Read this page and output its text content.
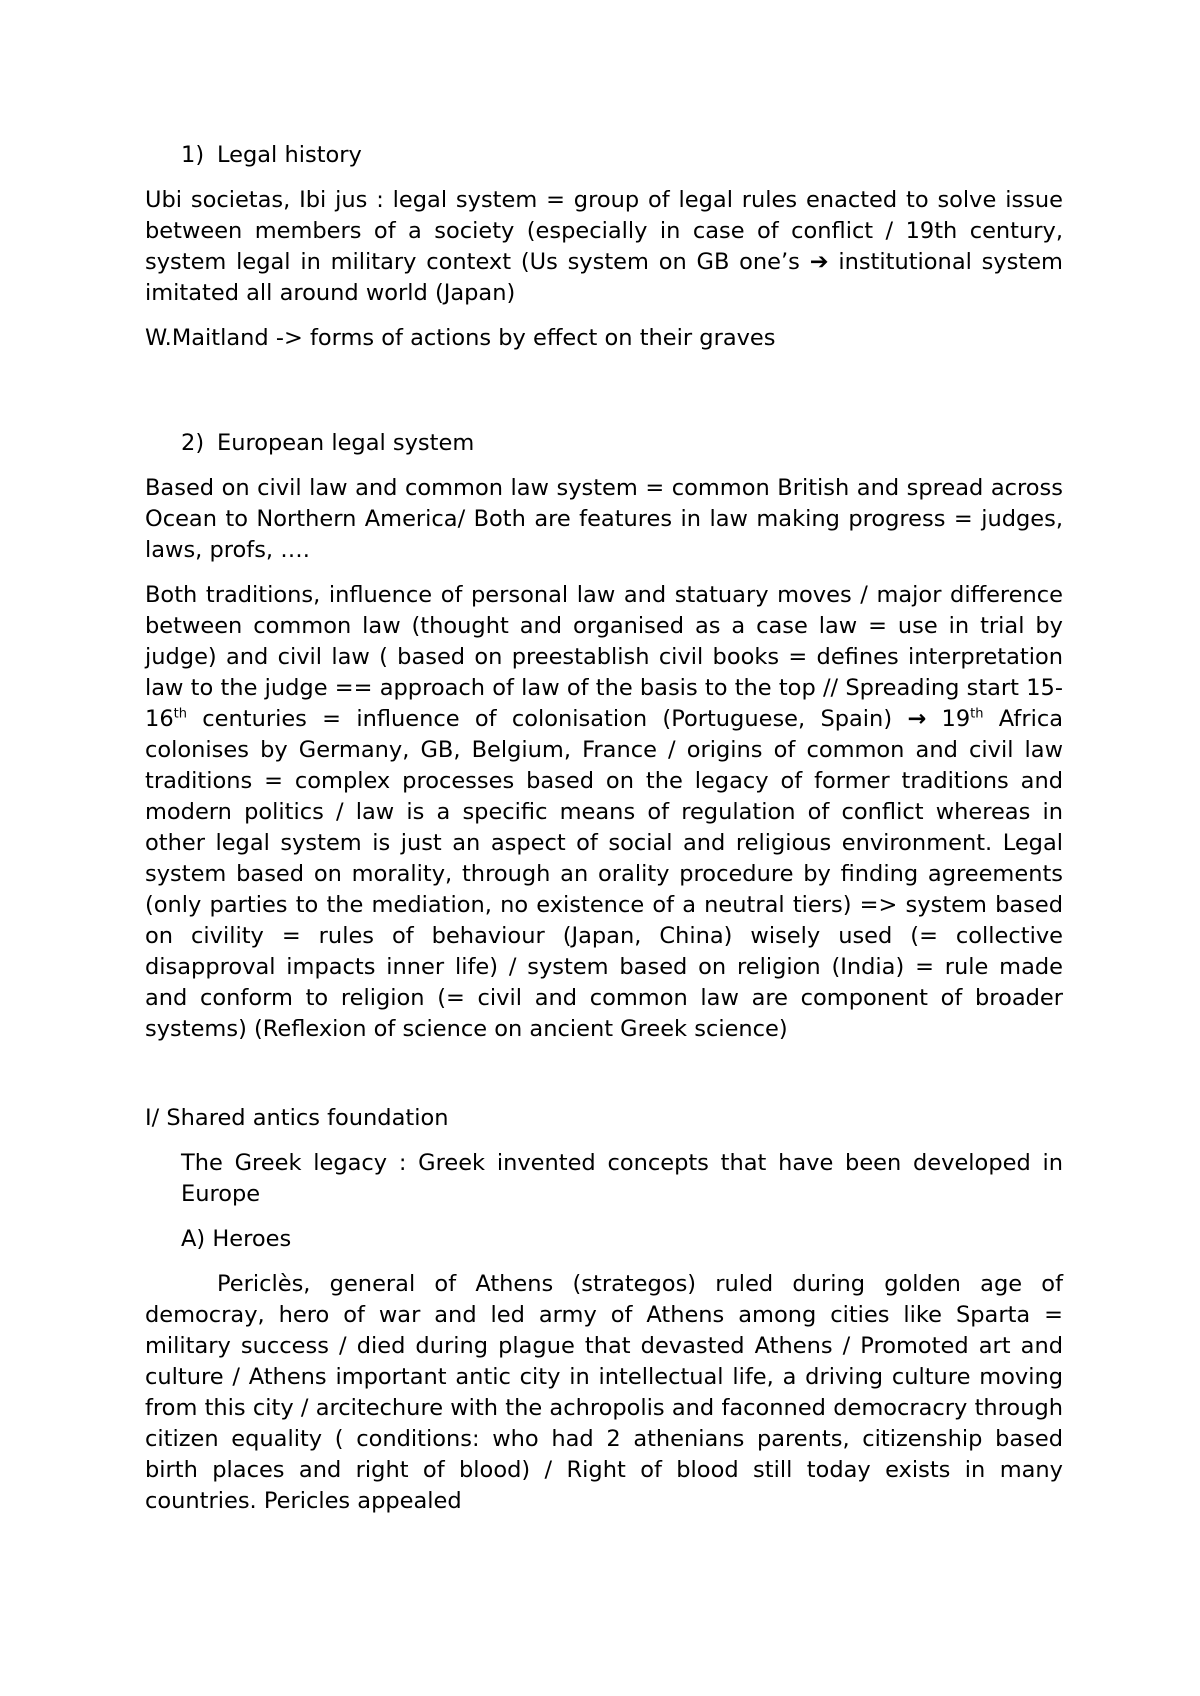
1) Legal history

Ubi societas, Ibi jus : legal system = group of legal rules enacted to solve issue between members of a society (especially in case of conflict / 19th century, system legal in military context (Us system on GB one’s ➔ institutional system imitated all around world (Japan)

W.Maitland -> forms of actions by effect on their graves

2) European legal system

Based on civil law and common law system = common British and spread across Ocean to Northern America/ Both are features in law making progress = judges, laws, profs, ….

Both traditions, influence of personal law and statuary moves / major difference between common law (thought and organised as a case law = use in trial by judge) and civil law ( based on preestablish civil books = defines interpretation law to the judge == approach of law of the basis to the top // Spreading start 15-16th centuries = influence of colonisation (Portuguese, Spain) → 19th Africa colonises by Germany, GB, Belgium, France / origins of common and civil law traditions = complex processes based on the legacy of former traditions and modern politics / law is a specific means of regulation of conflict whereas in other legal system is just an aspect of social and religious environment. Legal system based on morality, through an orality procedure by finding agreements (only parties to the mediation, no existence of a neutral tiers) => system based on civility = rules of behaviour (Japan, China) wisely used (= collective disapproval impacts inner life) / system based on religion (India) = rule made and conform to religion (= civil and common law are component of broader systems) (Reflexion of science on ancient Greek science)

I/ Shared antics foundation

The Greek legacy : Greek invented concepts that have been developed in Europe

A) Heroes

Periclès, general of Athens (strategos) ruled during golden age of democray, hero of war and led army of Athens among cities like Sparta = military success / died during plague that devasted Athens / Promoted art and culture / Athens important antic city in intellectual life, a driving culture moving from this city / arcitechure with the achropolis and faconned democracry through citizen equality ( conditions: who had 2 athenians parents, citizenship based birth places and right of blood) / Right of blood still today exists in many countries. Pericles appealed
